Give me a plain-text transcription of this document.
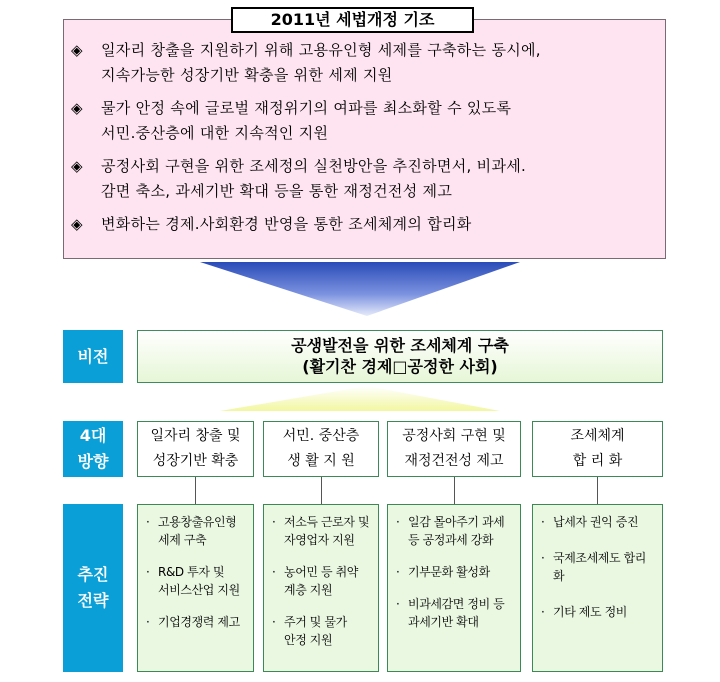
2011년 세법개정 기조
◈	일자리 창출을 지원하기 위해 고용유인형 세제를 구축하는 동시에,
지속가능한 성장기반 확충을 위한 세제 지원
◈	물가 안정 속에 글로벌 재정위기의 여파를 최소화할 수 있도록
서민.중산층에 대한 지속적인 지원
◈	공정사회 구현을 위한 조세정의 실천방안을 추진하면서, 비과세.
감면 축소, 과세기반 확대 등을 통한 재정건전성 제고
◈	변화하는 경제.사회환경 반영을 통한 조세체계의 합리화
비전
공생발전을 위한 조세체계 구축
(활기찬 경제□공정한 사회)
4대
방향
일자리 창출 및
성장기반 확충
서민. 중산층
생 활 지 원
공정사회 구현 및
재정건전성 제고
조세체계
합 리 화
추진
전략
· 고용창출유인형
세제 구축
· R&D 투자 및
서비스산업 지원
· 기업경쟁력 제고
· 저소득 근로자 및
자영업자 지원
· 농어민 등 취약
계층 지원
· 주거 및 물가
안정 지원
· 일감 몰아주기 과세
등 공정과세 강화
· 기부문화 활성화
· 비과세감면 정비 등
과세기반 확대
· 납세자 권익 증진
· 국제조세제도 합리화
· 기타 제도 정비
